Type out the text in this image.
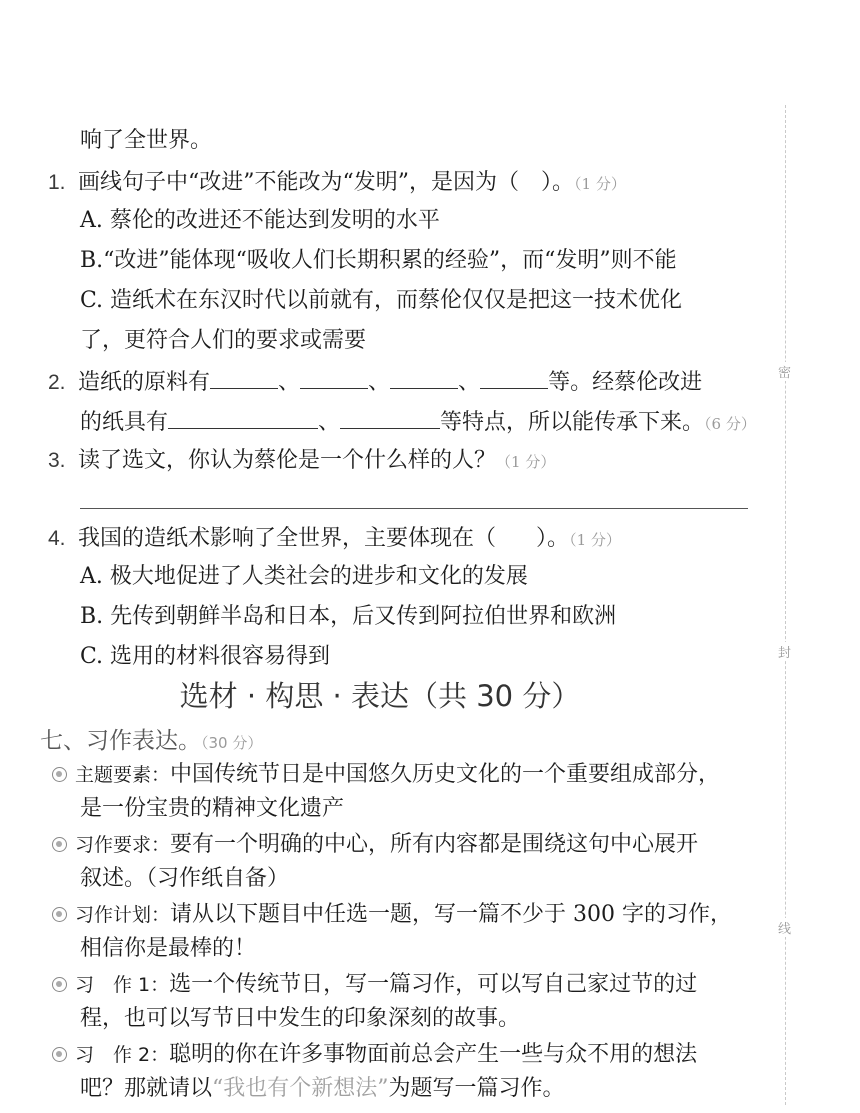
密
封
线
响了全世界。
1. 画线句子中“改进”不能改为“发明”，是因为（ ）。（1 分）
A. 蔡伦的改进还不能达到发明的水平
B.“改进”能体现“吸收人们长期积累的经验”，而“发明”则不能
C. 造纸术在东汉时代以前就有，而蔡伦仅仅是把这一技术优化
了，更符合人们的要求或需要
2. 造纸的原料有	、	、	、	等。经蔡伦改进
的纸具有	、	等特点，所以能传承下来。（6 分）
3. 读了选文，你认为蔡伦是一个什么样的人？（1 分）
4. 我国的造纸术影响了全世界，主要体现在（ ）。（1 分）
A. 极大地促进了人类社会的进步和文化的发展
B. 先传到朝鲜半岛和日本，后又传到阿拉伯世界和欧洲
C. 选用的材料很容易得到
选材 · 构思 · 表达（共 30 分）
七、习作表达。（30 分）
主题要素：中国传统节日是中国悠久历史文化的一个重要组成部分，
是一份宝贵的精神文化遗产
习作要求：要有一个明确的中心，所有内容都是围绕这句中心展开
叙述。（习作纸自备）
习作计划：请从以下题目中任选一题，写一篇不少于 300 字的习作，
相信你是最棒的！
习　作 1：选一个传统节日，写一篇习作，可以写自己家过节的过
程，也可以写节日中发生的印象深刻的故事。
习　作 2：聪明的你在许多事物面前总会产生一些与众不用的想法
吧？那就请以“我也有个新想法”为题写一篇习作。
